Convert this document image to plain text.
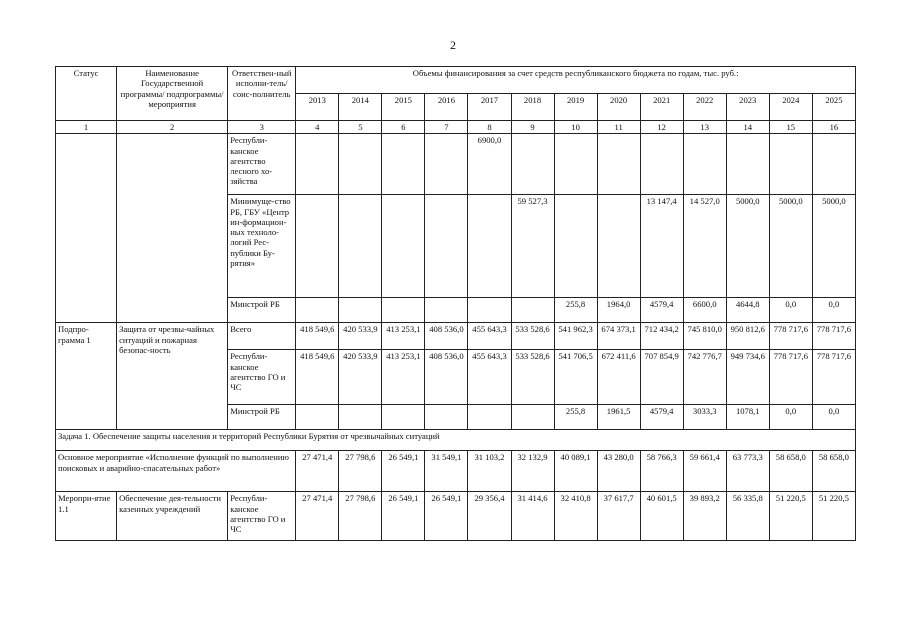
2
Статус	Наименование Государственной программы/ подпрограммы/ мероприятия	Ответствен-ный исполни-тель/ соис-полнитель	Объемы финансирования за счет средств республиканского бюджета по годам, тыс. руб.:												
			2013	2014	2015	2016	2017	2018	2019	2020	2021	2022	2023	2024	2025
1	2	3	4	5	6	7	8	9	10	11	12	13	14	15	16
		Республи-канское агентство лесного хо-зяйства					6900,0								
		Минимуще-ство РБ, ГБУ «Центр ин-формацион-ных техноло-логий Рес-публики Бу-рятия»						59 527,3			13 147,4	14 527,0	5000,0	5000,0	5000,0
		Минстрой РБ							255,8	1964,0	4579,4	6600,0	4644,8	0,0	0,0
Подпро-грамма 1	Защита от чрезвы-чайных ситуаций и пожарная безопас-ность	Всего	418 549,6	420 533,9	413 253,1	408 536,0	455 643,3	533 528,6	541 962,3	674 373,1	712 434,2	745 810,0	950 812,6	778 717,6	778 717,6
		Республи-канское агентство ГО и ЧС	418 549,6	420 533,9	413 253,1	408 536,0	455 643,3	533 528,6	541 706,5	672 411,6	707 854,9	742 776,7	949 734,6	778 717,6	778 717,6
		Минстрой РБ							255,8	1961,5	4579,4	3033,3	1078,1	0,0	0,0
Задача 1. Обеспечение защиты населения и территорий Республики Бурятия от чрезвычайных ситуаций															
Основное мероприятие «Исполнение функций по выполнению поисковых и аварийно-спасательных работ»			27 471,4	27 798,6	26 549,1	31 549,1	31 103,2	32 132,9	40 089,1	43 280,0	58 766,3	59 661,4	63 773,3	58 658,0	58 658,0
Меропри-ятие 1.1	Обеспечение дея-тельности казенных учреждений	Республи-канское агентство ГО и ЧС	27 471,4	27 798,6	26 549,1	26 549,1	29 356,4	31 414,6	32 410,8	37 617,7	40 601,5	39 893,2	56 335,8	51 220,5	51 220,5
